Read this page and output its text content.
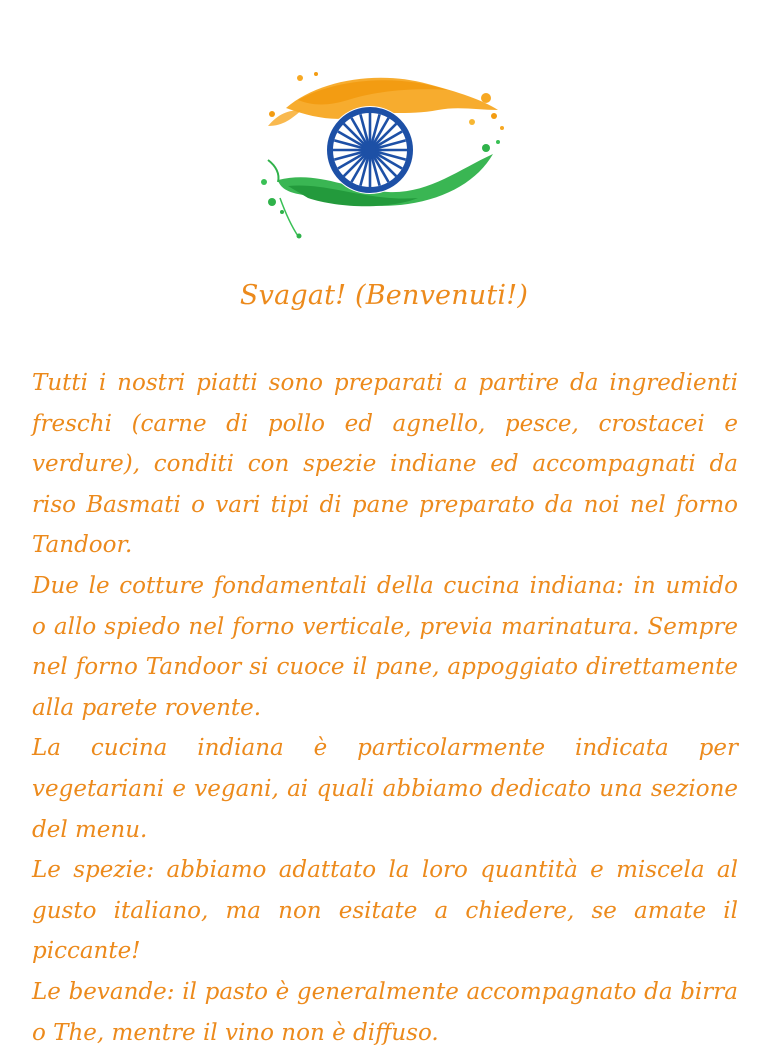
Svagat! (Benvenuti!)

Tutti i nostri piatti sono preparati a partire da ingredienti freschi (carne di pollo ed agnello, pesce, crostacei e verdure), conditi con spezie indiane ed accompagnati da riso Basmati o vari tipi di pane preparato da noi nel forno Tandoor.

Due le cotture fondamentali della cucina indiana: in umido o allo spiedo nel forno verticale, previa marinatura. Sempre nel forno Tandoor si cuoce il pane, appoggiato direttamente alla parete rovente.

La cucina indiana è particolarmente indicata per vegetariani e vegani, ai quali abbiamo dedicato una sezione del menu.

Le spezie: abbiamo adattato la loro quantità e miscela al gusto italiano, ma non esitate a chiedere, se amate il piccante!

Le bevande: il pasto è generalmente accompagnato da birra o The, mentre il vino non è diffuso.
